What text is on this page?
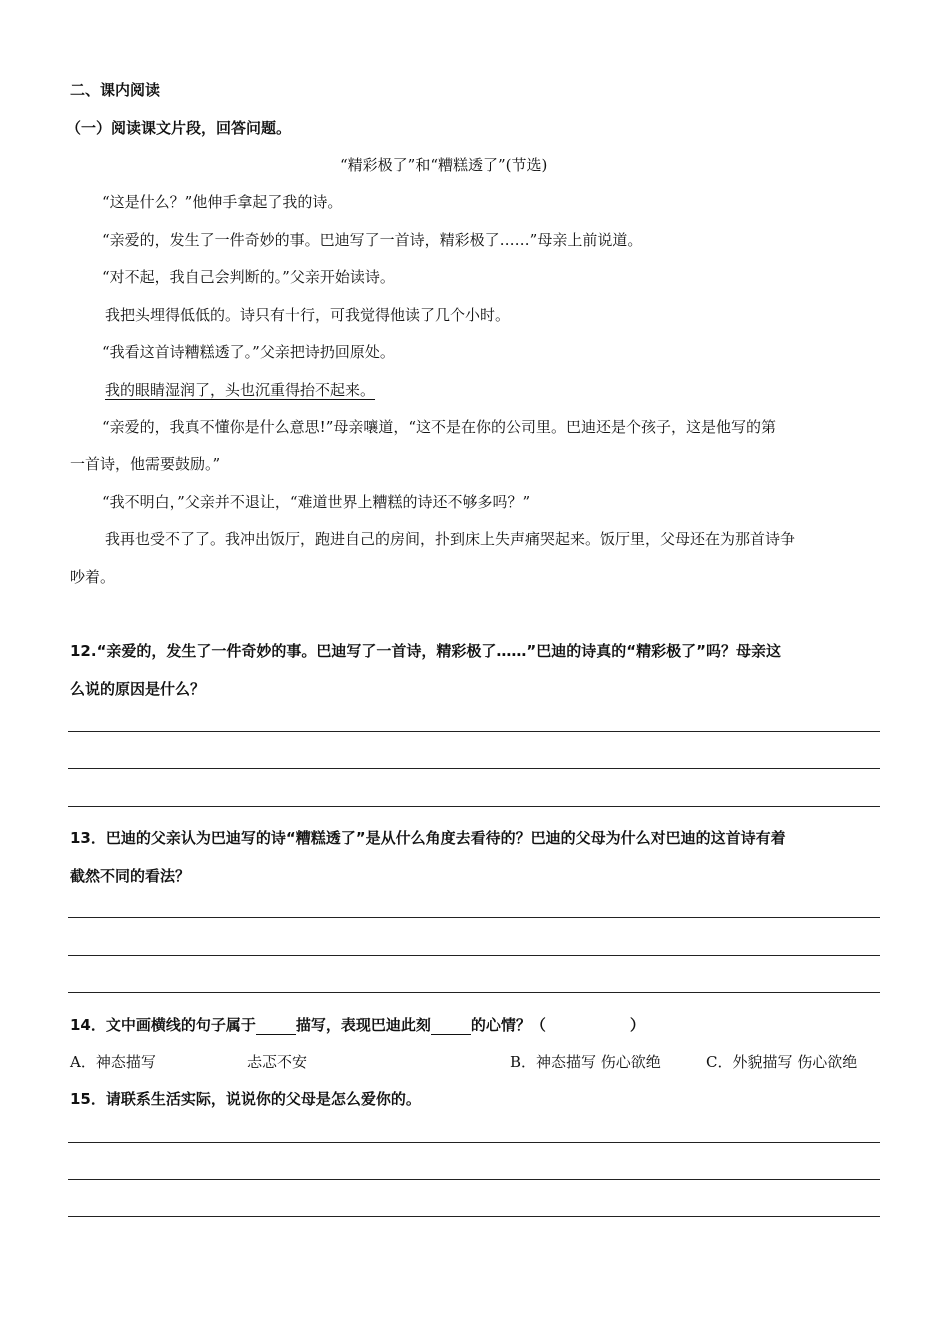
二、课内阅读
（一）阅读课文片段，回答问题。
“精彩极了”和“糟糕透了”(节选)
“这是什么？”他伸手拿起了我的诗。
“亲爱的，发生了一件奇妙的事。巴迪写了一首诗，精彩极了……”母亲上前说道。
“对不起，我自己会判断的。”父亲开始读诗。
我把头埋得低低的。诗只有十行，可我觉得他读了几个小时。
“我看这首诗糟糕透了。”父亲把诗扔回原处。
我的眼睛湿润了，头也沉重得抬不起来。
“亲爱的，我真不懂你是什么意思!”母亲嚷道，“这不是在你的公司里。巴迪还是个孩子，这是他写的第
一首诗，他需要鼓励。”
“我不明白，”父亲并不退让，“难道世界上糟糕的诗还不够多吗？”
我再也受不了了。我冲出饭厅，跑进自己的房间，扑到床上失声痛哭起来。饭厅里，父母还在为那首诗争
吵着。
12.“亲爱的，发生了一件奇妙的事。巴迪写了一首诗，精彩极了……”巴迪的诗真的“精彩极了”吗？母亲这
么说的原因是什么？
13．巴迪的父亲认为巴迪写的诗“糟糕透了”是从什么角度去看待的？巴迪的父母为什么对巴迪的这首诗有着
截然不同的看法？
14．文中画横线的句子属于	描写，表现巴迪此刻	的心情？（	）
A．神态描写	忐忑不安	B．神态描写 伤心欲绝	C．外貌描写 伤心欲绝
15．请联系生活实际，说说你的父母是怎么爱你的。
